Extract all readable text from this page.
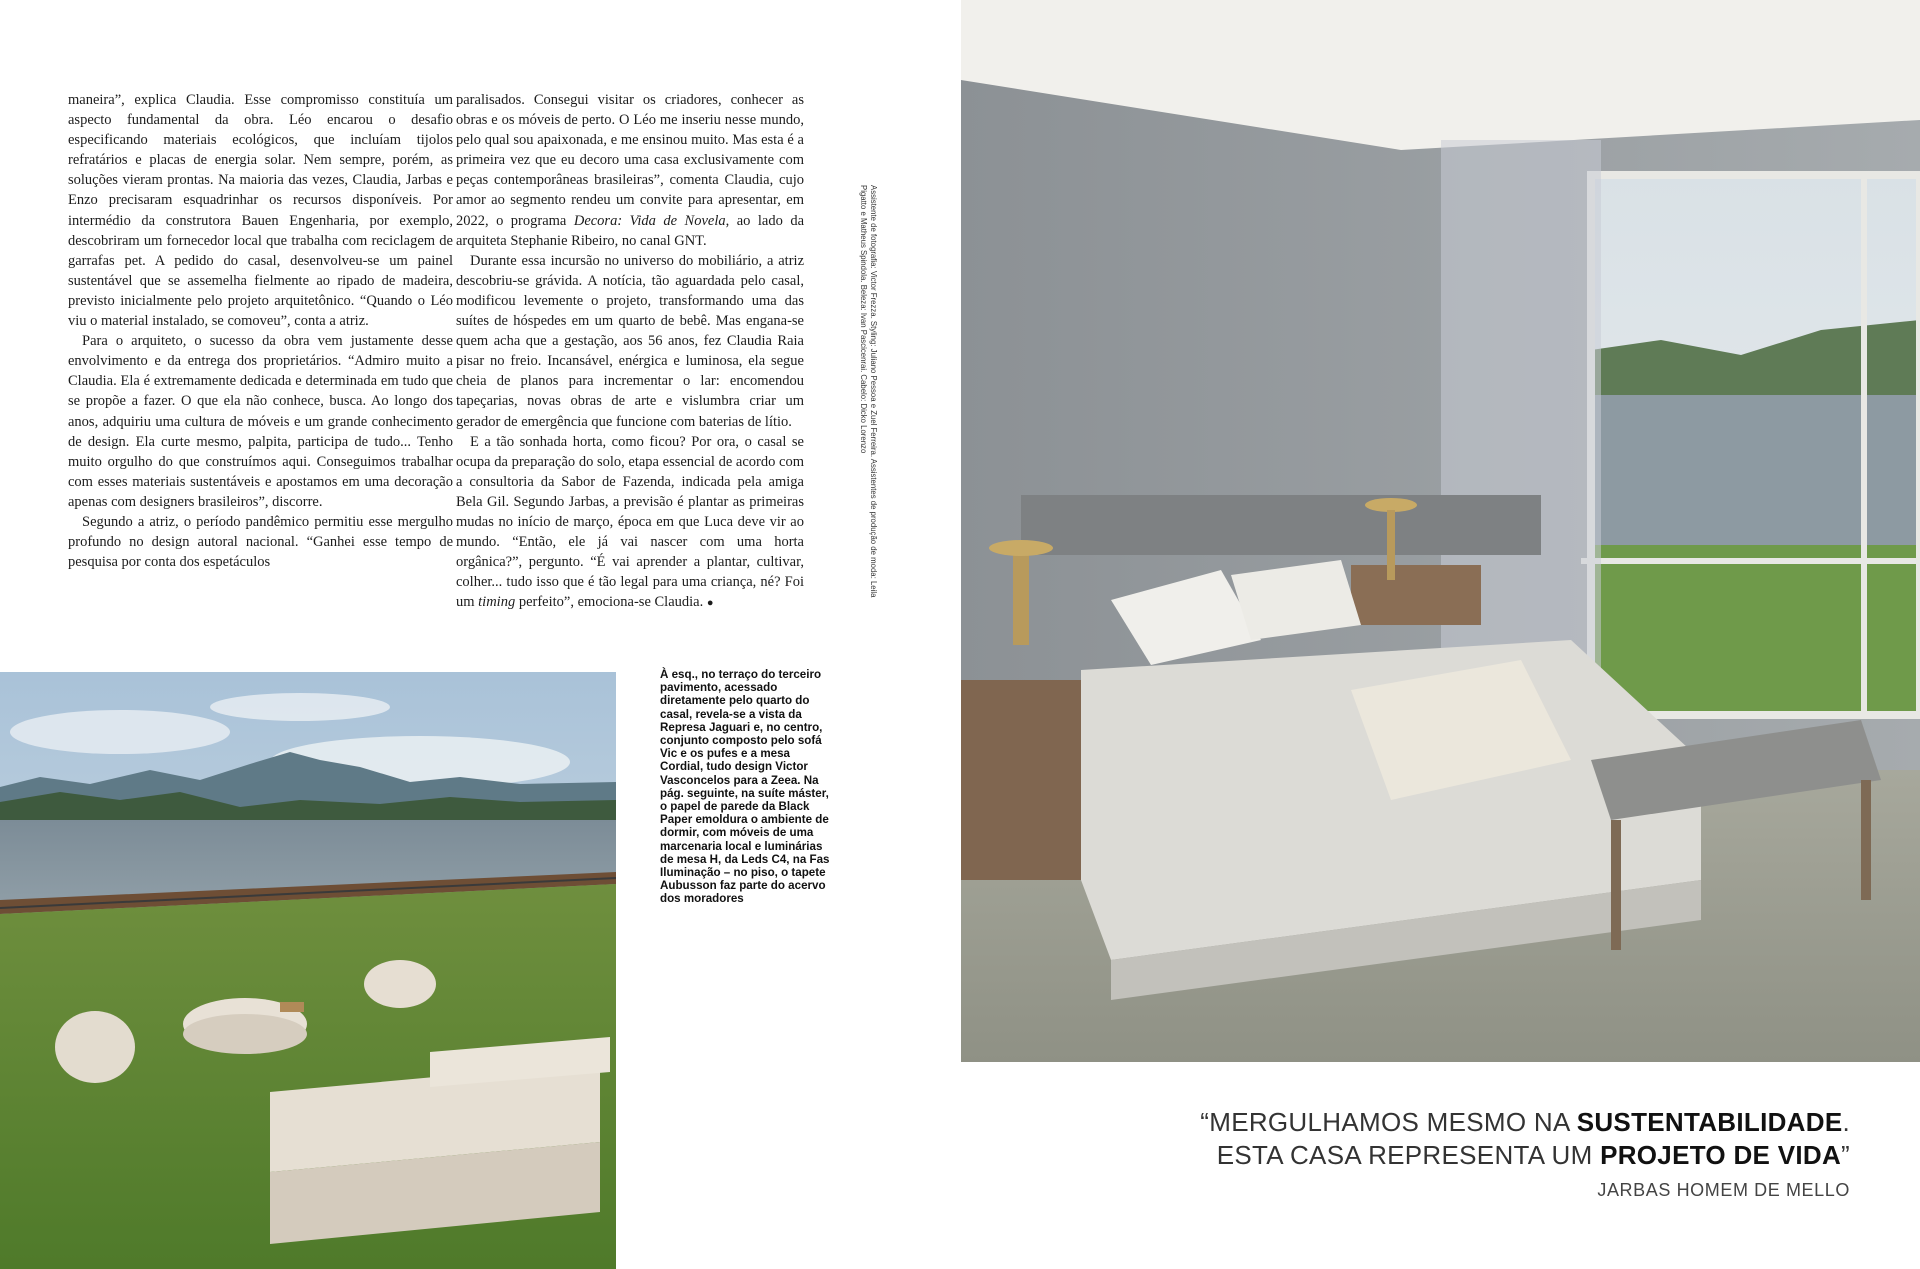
maneira”, explica Claudia. Esse compromisso constituía um aspecto fundamental da obra. Léo encarou o desafio especificando materiais ecológicos, que incluíam tijolos refratários e placas de energia solar. Nem sempre, porém, as soluções vieram prontas. Na maioria das vezes, Claudia, Jarbas e Enzo precisaram esquadrinhar os recursos disponíveis. Por intermédio da construtora Bauen Engenharia, por exemplo, descobriram um fornecedor local que trabalha com reciclagem de garrafas pet. A pedido do casal, desenvolveu-se um painel sustentável que se assemelha fielmente ao ripado de madeira, previsto inicialmente pelo projeto arquitetônico. “Quando o Léo viu o material instalado, se comoveu”, conta a atriz.

Para o arquiteto, o sucesso da obra vem justamente desse envolvimento e da entrega dos proprietários. “Admiro muito a Claudia. Ela é extremamente dedicada e determinada em tudo que se propõe a fazer. O que ela não conhece, busca. Ao longo dos anos, adquiriu uma cultura de móveis e um grande conhecimento de design. Ela curte mesmo, palpita, participa de tudo... Tenho muito orgulho do que construímos aqui. Conseguimos trabalhar com esses materiais sustentáveis e apostamos em uma decoração apenas com designers brasileiros”, discorre.

Segundo a atriz, o período pandêmico permitiu esse mergulho profundo no design autoral nacional. “Ganhei esse tempo de pesquisa por conta dos espetáculos

paralisados. Consegui visitar os criadores, conhecer as obras e os móveis de perto. O Léo me inseriu nesse mundo, pelo qual sou apaixonada, e me ensinou muito. Mas esta é a primeira vez que eu decoro uma casa exclusivamente com peças contemporâneas brasileiras”, comenta Claudia, cujo amor ao segmento rendeu um convite para apresentar, em 2022, o programa Decora: Vida de Novela, ao lado da arquiteta Stephanie Ribeiro, no canal GNT.

Durante essa incursão no universo do mobiliário, a atriz descobriu-se grávida. A notícia, tão aguardada pelo casal, modificou levemente o projeto, transformando uma das suítes de hóspedes em um quarto de bebê. Mas engana-se quem acha que a gestação, aos 56 anos, fez Claudia Raia pisar no freio. Incansável, enérgica e luminosa, ela segue cheia de planos para incrementar o lar: encomendou tapeçarias, novas obras de arte e vislumbra criar um gerador de emergência que funcione com baterias de lítio.

E a tão sonhada horta, como ficou? Por ora, o casal se ocupa da preparação do solo, etapa essencial de acordo com a consultoria da Sabor de Fazenda, indicada pela amiga Bela Gil. Segundo Jarbas, a previsão é plantar as primeiras mudas no início de março, época em que Luca deve vir ao mundo. “Então, ele já vai nascer com uma horta orgânica?”, pergunto. “É vai aprender a plantar, cultivar, colher... tudo isso que é tão legal para uma criança, né? Foi um timing perfeito”, emociona-se Claudia. ●

Assistente de fotografia: Victor Frezza. Styling: Juliano Pessoa e Zuel Ferreira. Assistentes de produção de moda: Leila Pigatto e Matheus Spindola. Beleza: Ivan Pascicenrai. Cabelo: Dicko Lorenzo
À esq., no terraço do terceiro pavimento, acessado diretamente pelo quarto do casal, revela-se a vista da Represa Jaguari e, no centro, conjunto composto pelo sofá Vic e os pufes e a mesa Cordial, tudo design Victor Vasconcelos para a Zeea. Na pág. seguinte, na suíte máster, o papel de parede da Black Paper emoldura o ambiente de dormir, com móveis de uma marcenaria local e luminárias de mesa H, da Leds C4, na Fas Iluminação – no piso, o tapete Aubusson faz parte do acervo dos moradores
“MERGULHAMOS MESMO NA SUSTENTABILIDADE.
ESTA CASA REPRESENTA UM PROJETO DE VIDA”
JARBAS HOMEM DE MELLO
